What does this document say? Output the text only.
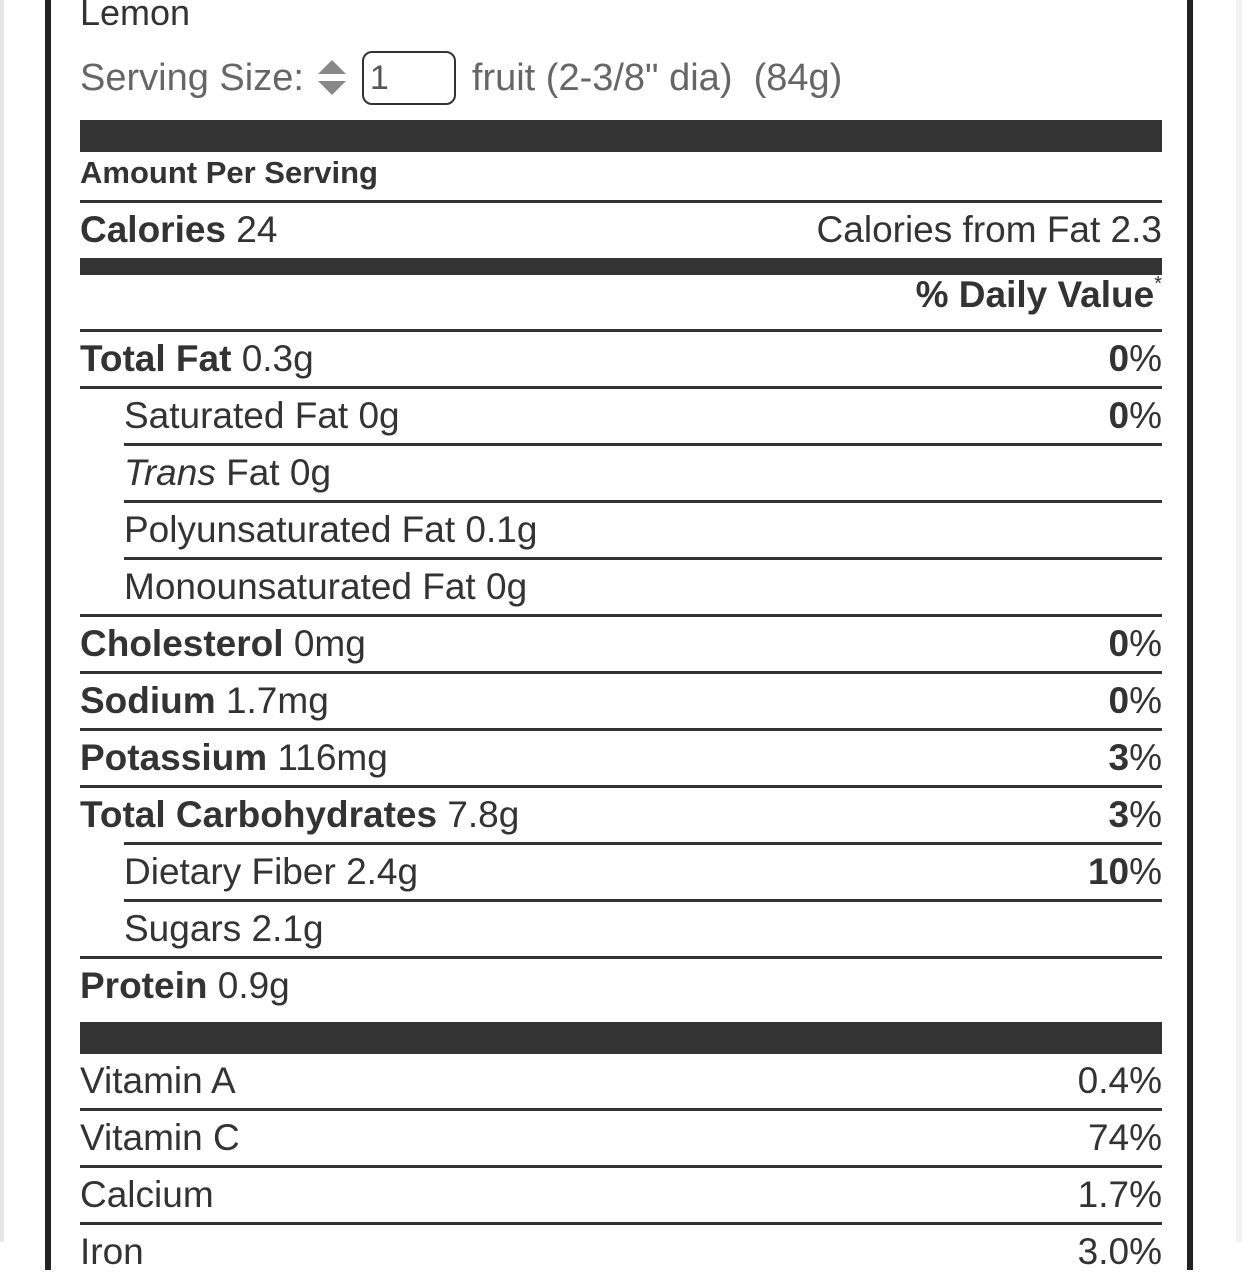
Lemon
Serving Size:
1	fruit (2-3/8" dia)  (84g)
Amount Per Serving
Calories 24	Calories from Fat 2.3
% Daily Value*
Total Fat 0.3g	0%
Saturated Fat 0g	0%
Trans Fat 0g
Polyunsaturated Fat 0.1g
Monounsaturated Fat 0g
Cholesterol 0mg	0%
Sodium 1.7mg	0%
Potassium 116mg	3%
Total Carbohydrates 7.8g	3%
Dietary Fiber 2.4g	10%
Sugars 2.1g
Protein 0.9g
Vitamin A	0.4%
Vitamin C	74%
Calcium	1.7%
Iron	3.0%
